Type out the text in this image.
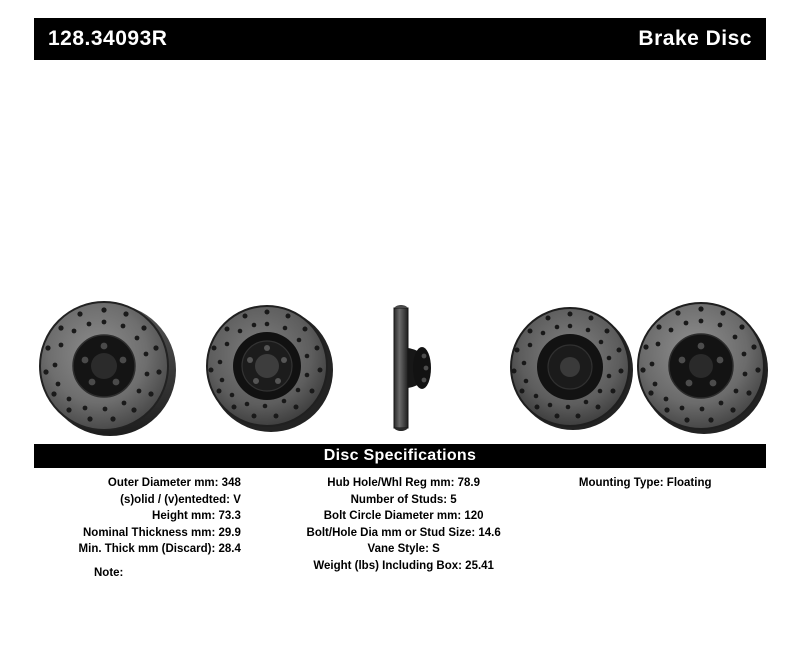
128.34093R	Brake Disc
Disc Specifications
Outer Diameter mm: 348
(s)olid / (v)entedted: V
Height mm: 73.3
Nominal Thickness mm: 29.9
Min. Thick mm (Discard): 28.4
Hub Hole/Whl Reg mm: 78.9
Number of Studs: 5
Bolt Circle Diameter mm: 120
Bolt/Hole Dia mm or Stud Size: 14.6
Vane Style: S
Weight (lbs) Including Box: 25.41
Mounting Type: Floating
Note:
